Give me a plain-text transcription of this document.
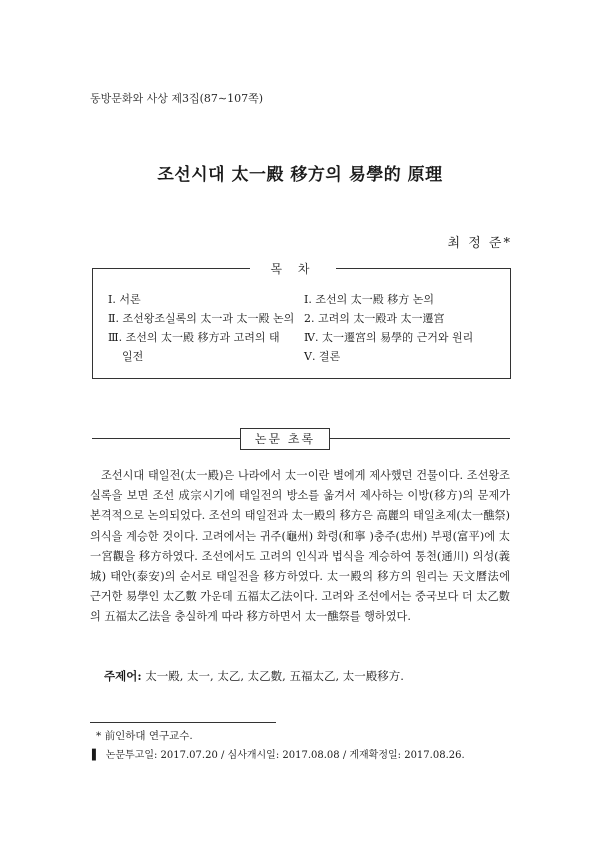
동방문화와 사상 제3집(87∼107쪽)
조선시대 太一殿 移方의 易學的 原理
최 정 준*
목 차
Ⅰ. 서론
Ⅱ. 조선왕조실록의 太一과 太一殿 논의
Ⅲ. 조선의 太一殿 移方과 고려의 태
일전
Ⅰ. 조선의 太一殿 移方 논의
2. 고려의 太一殿과 太一遷宮
Ⅳ. 太一遷宮의 易學的 근거와 원리
Ⅴ. 결론
논문 초록

조선시대 태일전(太一殿)은 나라에서 太一이란 별에게 제사했던 건물이다. 조선왕조실록을 보면 조선 成宗시기에 태일전의 방소를 옮겨서 제사하는 이방(移方)의 문제가 본격적으로 논의되었다. 조선의 태일전과 太一殿의 移方은 高麗의 태일초제(太一醮祭)의식을 계승한 것이다. 고려에서는 귀주(龜州) 화령(和寧 )충주(忠州) 부평(富平)에 太一宮觀을 移方하였다. 조선에서도 고려의 인식과 법식을 계승하여 통천(通川) 의성(義城) 태안(泰安)의 순서로 태일전을 移方하였다. 太一殿의 移方의 원리는 天文曆法에 근거한 易學인 太乙數 가운데 五福太乙法이다. 고려와 조선에서는 중국보다 더 太乙數의 五福太乙法을 충실하게 따라 移方하면서 太一醮祭를 행하였다.

주제어: 太一殿, 太一, 太乙, 太乙數, 五福太乙, 太一殿移方.
* 前인하대 연구교수.
▌ 논문투고일: 2017.07.20 / 심사개시일: 2017.08.08 / 게재확정일: 2017.08.26.
